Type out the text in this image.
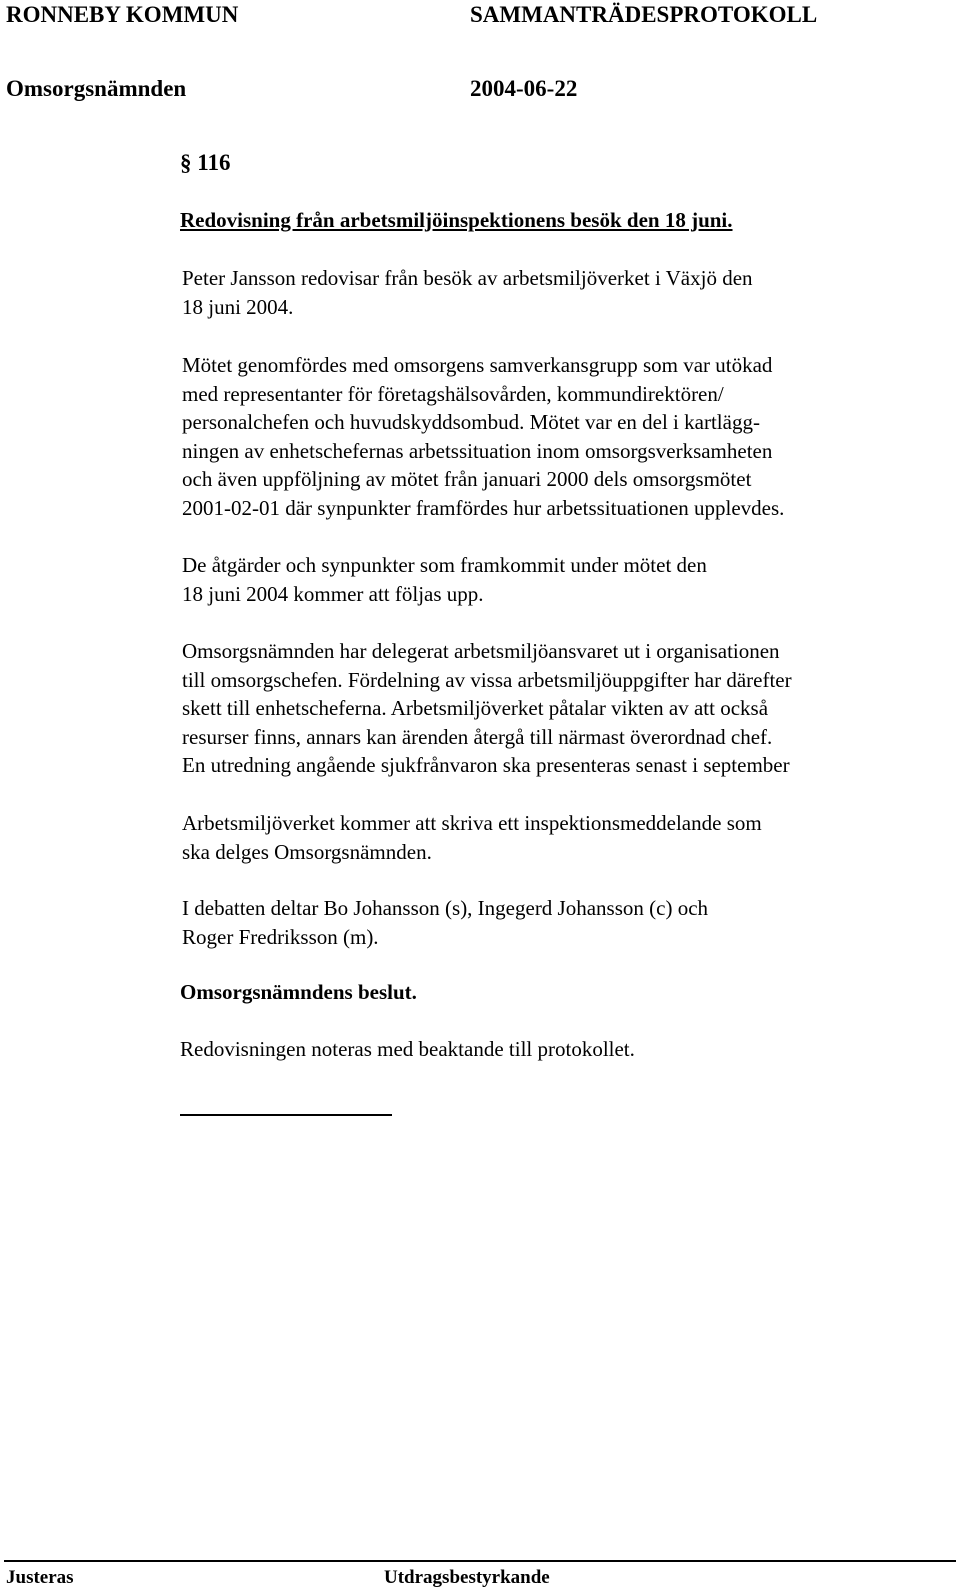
RONNEBY KOMMUN	SAMMANTRÄDESPROTOKOLL
Omsorgsnämnden	2004-06-22
§ 116
Redovisning från arbetsmiljöinspektionens besök den 18 juni.
Peter Jansson redovisar från besök av arbetsmiljöverket i Växjö den
18 juni 2004.
Mötet genomfördes med omsorgens samverkansgrupp som var utökad
med representanter för företagshälsovården, kommundirektören/
personalchefen och huvudskyddsombud. Mötet var en del i kartlägg-
ningen av enhetschefernas arbetssituation inom omsorgsverksamheten
och även uppföljning av mötet från januari 2000 dels omsorgsmötet
2001-02-01 där synpunkter framfördes hur arbetssituationen upplevdes.
De åtgärder och synpunkter som framkommit under mötet den
18 juni 2004 kommer att följas upp.
Omsorgsnämnden har delegerat arbetsmiljöansvaret ut i organisationen
till omsorgschefen. Fördelning av vissa arbetsmiljöuppgifter har därefter
skett till enhetscheferna. Arbetsmiljöverket påtalar vikten av att också
resurser finns, annars kan ärenden återgå till närmast överordnad chef.
En utredning angående sjukfrånvaron ska presenteras senast i september
Arbetsmiljöverket kommer att skriva ett inspektionsmeddelande som
ska delges Omsorgsnämnden.
I debatten deltar Bo Johansson (s), Ingegerd Johansson (c) och
Roger Fredriksson (m).
Omsorgsnämndens beslut.
Redovisningen noteras med beaktande till protokollet.
Justeras	Utdragsbestyrkande
